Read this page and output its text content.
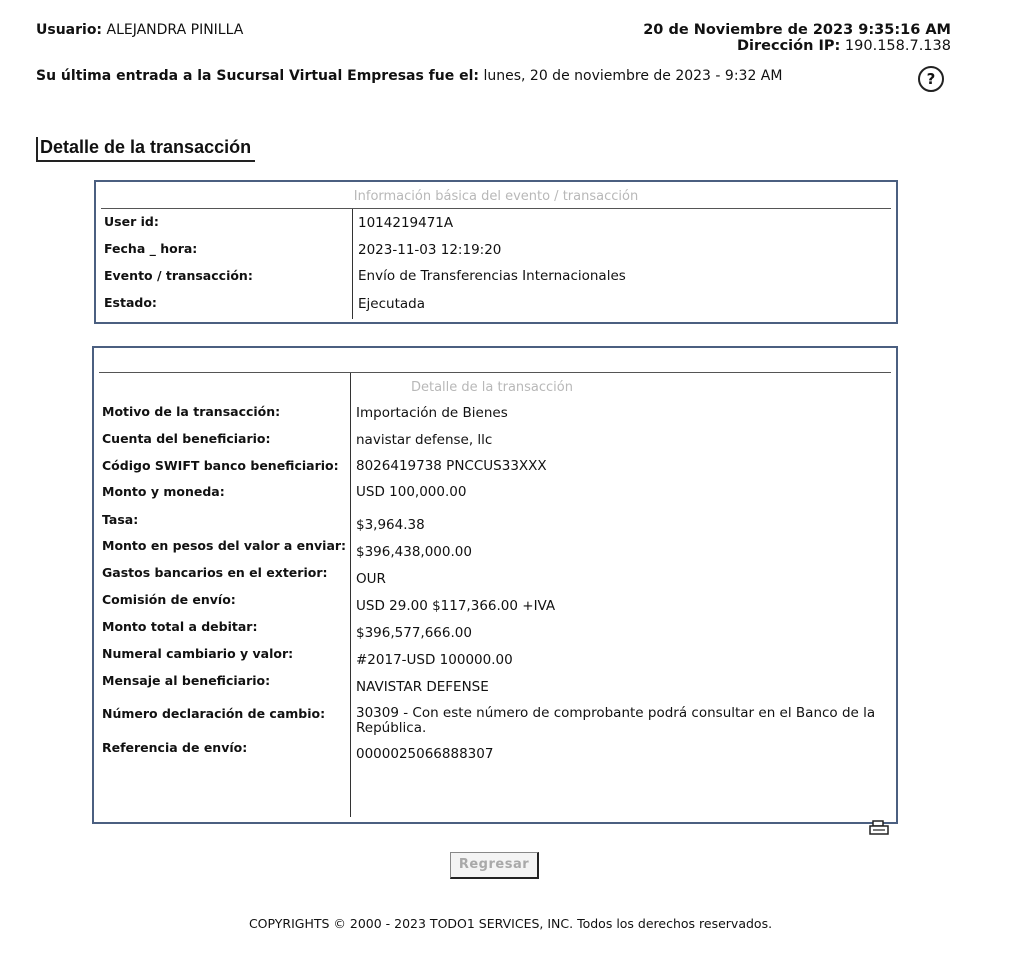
Usuario: ALEJANDRA PINILLA	20 de Noviembre de 2023 9:35:16 AM
Dirección IP: 190.158.7.138
Su última entrada a la Sucursal Virtual Empresas fue el: lunes, 20 de noviembre de 2023 - 9:32 AM	?
Detalle de la transacción
Información básica del evento / transacción
User id:	1014219471A
Fecha _ hora:	2023-11-03 12:19:20
Evento / transacción:	Envío de Transferencias Internacionales
Estado:	Ejecutada
Detalle de la transacción
Motivo de la transacción:	Importación de Bienes
Cuenta del beneficiario:	navistar defense, llc
Código SWIFT banco beneficiario: 8026419738 PNCCUS33XXX
Monto y moneda:	USD 100,000.00
Tasa:	$3,964.38
Monto en pesos del valor a enviar: $396,438,000.00
Gastos bancarios en el exterior: OUR
Comisión de envío:	USD 29.00 $117,366.00 +IVA
Monto total a debitar:	$396,577,666.00
Numeral cambiario y valor:	#2017-USD 100000.00
Mensaje al beneficiario:	NAVISTAR DEFENSE
Número declaración de cambio: 30309 - Con este número de comprobante podrá consultar en el Banco de la República.
Referencia de envío:	0000025066888307
Regresar
COPYRIGHTS © 2000 - 2023 TODO1 SERVICES, INC. Todos los derechos reservados.
